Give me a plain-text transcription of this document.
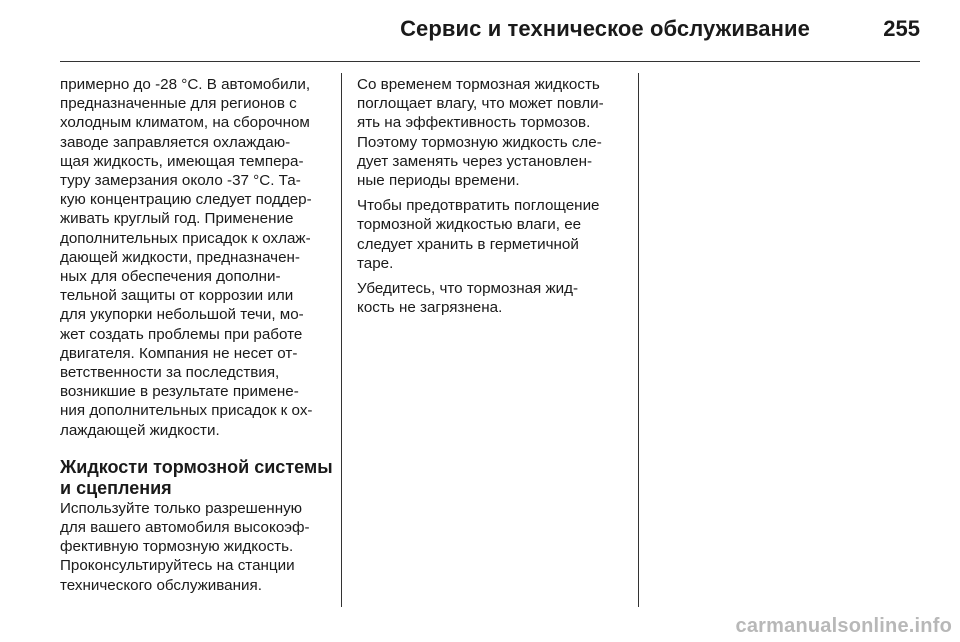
Сервис и техническое обслуживание	255

примерно до -28 °C. В автомобили,
предназначенные для регионов с
холодным климатом, на сборочном
заводе заправляется охлаждаю-
щая жидкость, имеющая темпера-
туру замерзания около -37 °C. Та-
кую концентрацию следует поддер-
живать круглый год. Применение
дополнительных присадок к охлаж-
дающей жидкости, предназначен-
ных для обеспечения дополни-
тельной защиты от коррозии или
для укупорки небольшой течи, мо-
жет создать проблемы при работе
двигателя. Компания не несет от-
ветственности за последствия,
возникшие в результате примене-
ния дополнительных присадок к ох-
лаждающей жидкости.

Жидкости тормозной системы
и сцепления

Используйте только разрешенную
для вашего автомобиля высокоэф-
фективную тормозную жидкость.
Проконсультируйтесь на станции
технического обслуживания.

Со временем тормозная жидкость
поглощает влагу, что может повли-
ять на эффективность тормозов.
Поэтому тормозную жидкость сле-
дует заменять через установлен-
ные периоды времени.

Чтобы предотвратить поглощение
тормозной жидкостью влаги, ее
следует хранить в герметичной
таре.

Убедитесь, что тормозная жид-
кость не загрязнена.

carmanualsonline.info
